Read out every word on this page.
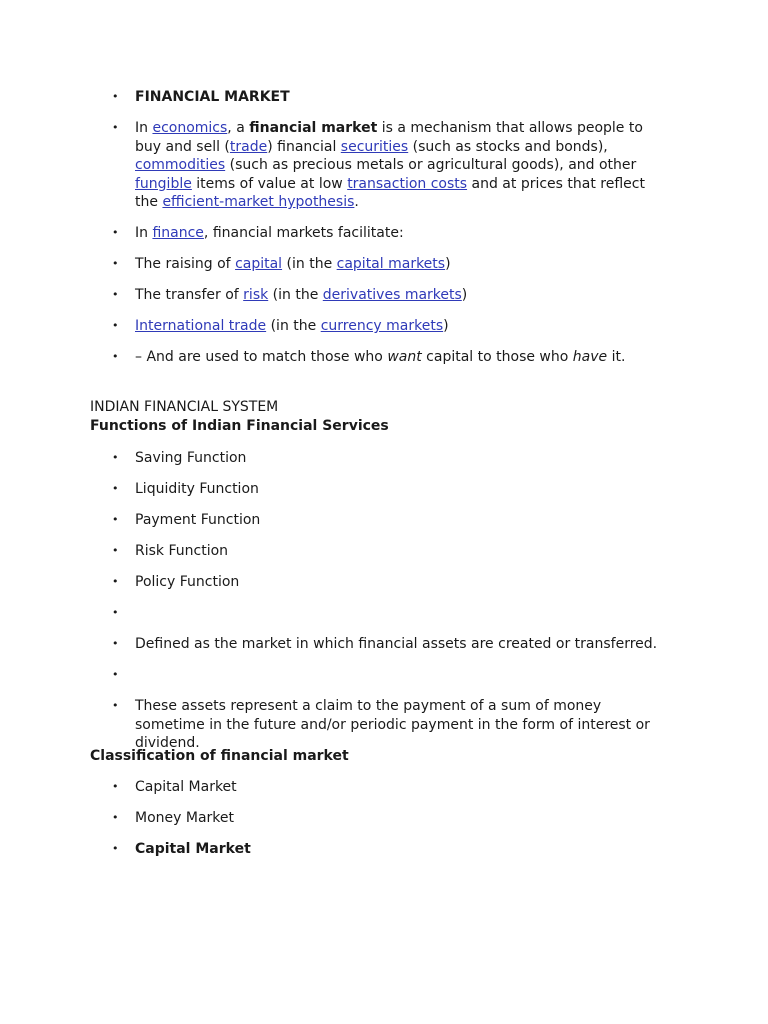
• FINANCIAL MARKET
• In economics, a financial market is a mechanism that allows people to buy and sell (trade) financial securities (such as stocks and bonds), commodities (such as precious metals or agricultural goods), and other fungible items of value at low transaction costs and at prices that reflect the efficient-market hypothesis.
• In finance, financial markets facilitate:
• The raising of capital (in the capital markets)
• The transfer of risk (in the derivatives markets)
• International trade (in the currency markets)
• – And are used to match those who want capital to those who have it.
INDIAN FINANCIAL SYSTEM
Functions of Indian Financial Services
• Saving Function
• Liquidity Function
• Payment Function
• Risk Function
• Policy Function
•
• Defined as the market in which financial assets are created or transferred.
•
• These assets represent a claim to the payment of a sum of money sometime in the future and/or periodic payment in the form of interest or dividend.
Classification of financial market
• Capital Market
• Money Market
• Capital Market
